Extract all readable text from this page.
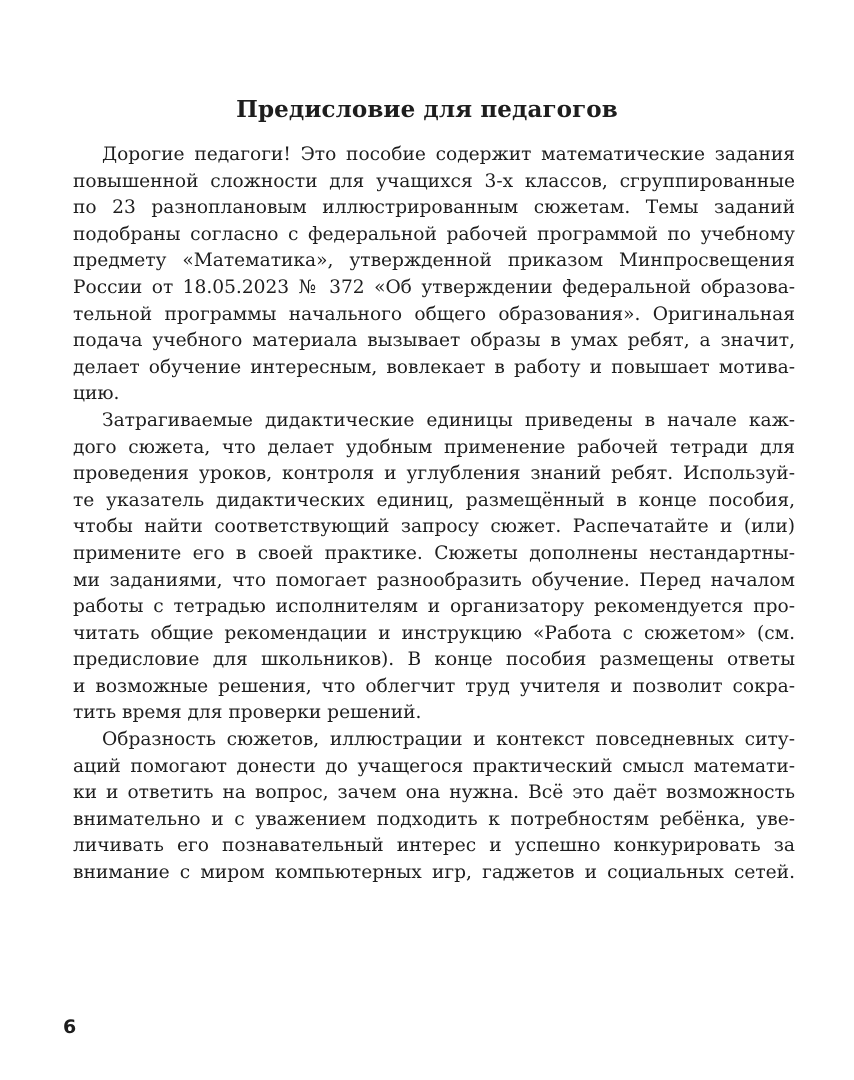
Предисловие для педагогов

Дорогие педагоги! Это пособие содержит математические задания
повышенной сложности для учащихся 3-х классов, сгруппированные
по 23 разноплановым иллюстрированным сюжетам. Темы заданий
подобраны согласно с федеральной рабочей программой по учебному
предмету «Математика», утвержденной приказом Минпросвещения
России от 18.05.2023 № 372 «Об утверждении федеральной образова-
тельной программы начального общего образования». Оригинальная
подача учебного материала вызывает образы в умах ребят, а значит,
делает обучение интересным, вовлекает в работу и повышает мотива-
цию.

Затрагиваемые дидактические единицы приведены в начале каж-
дого сюжета, что делает удобным применение рабочей тетради для
проведения уроков, контроля и углубления знаний ребят. Используй-
те указатель дидактических единиц, размещённый в конце пособия,
чтобы найти соответствующий запросу сюжет. Распечатайте и (или)
примените его в своей практике. Сюжеты дополнены нестандартны-
ми заданиями, что помогает разнообразить обучение. Перед началом
работы с тетрадью исполнителям и организатору рекомендуется про-
читать общие рекомендации и инструкцию «Работа с сюжетом» (см.
предисловие для школьников). В конце пособия размещены ответы
и возможные решения, что облегчит труд учителя и позволит сокра-
тить время для проверки решений.

Образность сюжетов, иллюстрации и контекст повседневных ситу-
аций помогают донести до учащегося практический смысл математи-
ки и ответить на вопрос, зачем она нужна. Всё это даёт возможность
внимательно и с уважением подходить к потребностям ребёнка, уве-
личивать его познавательный интерес и успешно конкурировать за
внимание с миром компьютерных игр, гаджетов и социальных сетей.

6
